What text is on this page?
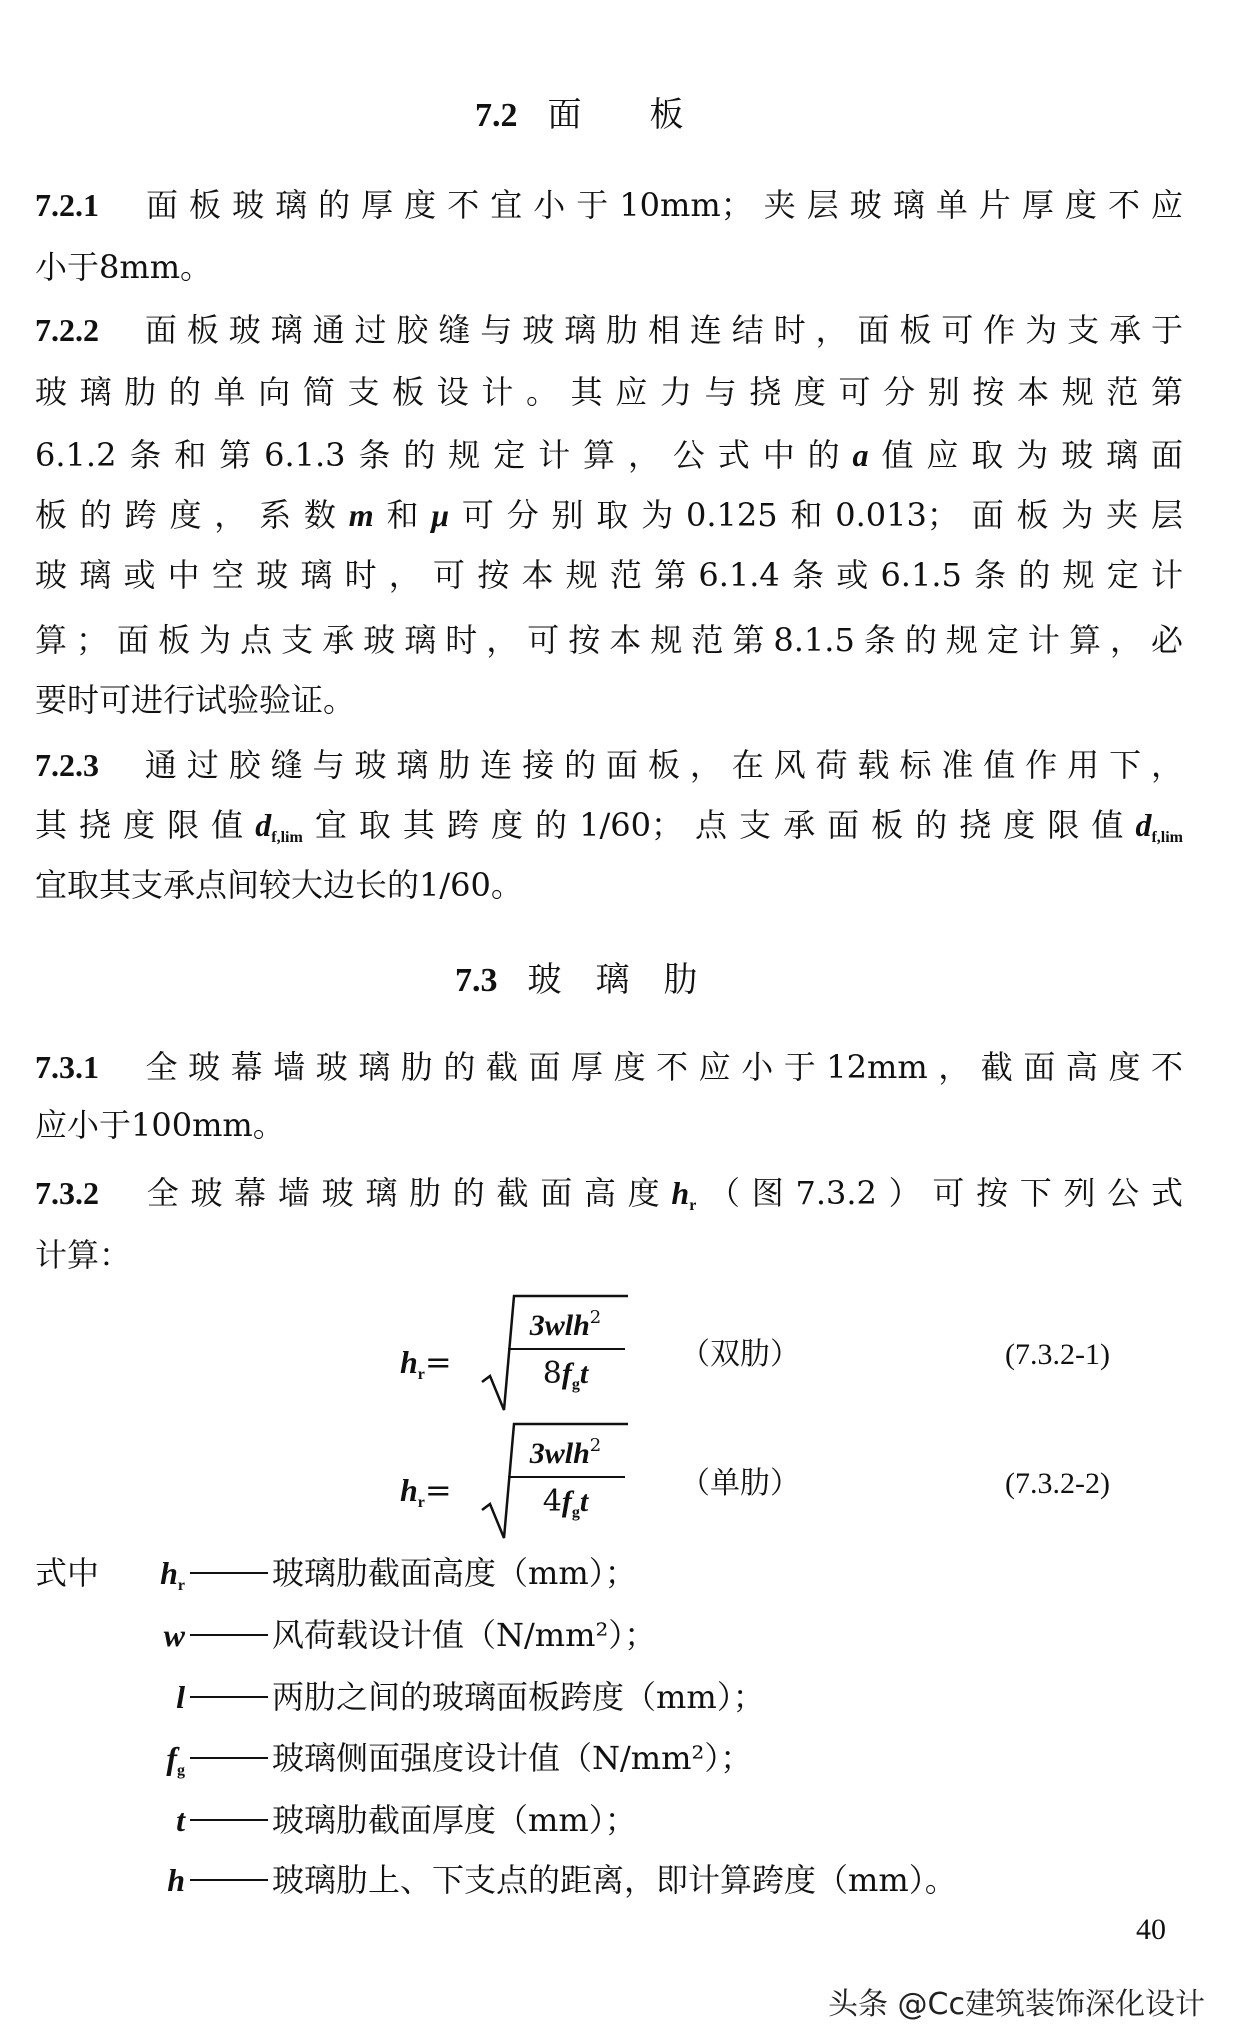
7.2 面　　板
7.2.1 面板玻璃的厚度不宜小于10mm；夹层玻璃单片厚度不应
小于8mm。
7.2.2 面板玻璃通过胶缝与玻璃肋相连结时，面板可作为支承于
玻璃肋的单向简支板设计。其应力与挠度可分别按本规范第
6.1.2条和第6.1.3条的规定计算，公式中的a值应取为玻璃面
板的跨度，系数m和μ可分别取为0.125和0.013；面板为夹层
玻璃或中空玻璃时，可按本规范第6.1.4条或6.1.5条的规定计
算；面板为点支承玻璃时，可按本规范第8.1.5条的规定计算，必
要时可进行试验验证。
7.2.3 通过胶缝与玻璃肋连接的面板，在风荷载标准值作用下，
其挠度限值$d_{f,lim}$宜取其跨度的1/60；点支承面板的挠度限值$d_{f,lim}$
宜取其支承点间较大边长的1/60。
7.3 玻　璃　肋
7.3.1 全玻幕墙玻璃肋的截面厚度不应小于12mm，截面高度不
应小于100mm。
7.3.2 全玻幕墙玻璃肋的截面高度$h_r$（图7.3.2）可按下列公式
计算：
$h_r=$
3wlh$^2$
$8f_gt$
（双肋）	(7.3.2-1)
$h_r=$
3wlh$^2$
$4f_gt$
（单肋）	(7.3.2-2)
式中 $h_r$	玻璃肋截面高度（mm）；
w	风荷载设计值（N/mm²）；
l	两肋之间的玻璃面板跨度（mm）；
$f_g$	玻璃侧面强度设计值（N/mm²）；
t	玻璃肋截面厚度（mm）；
h	玻璃肋上、下支点的距离，即计算跨度（mm）。
40
头条 @Cc建筑装饰深化设计
